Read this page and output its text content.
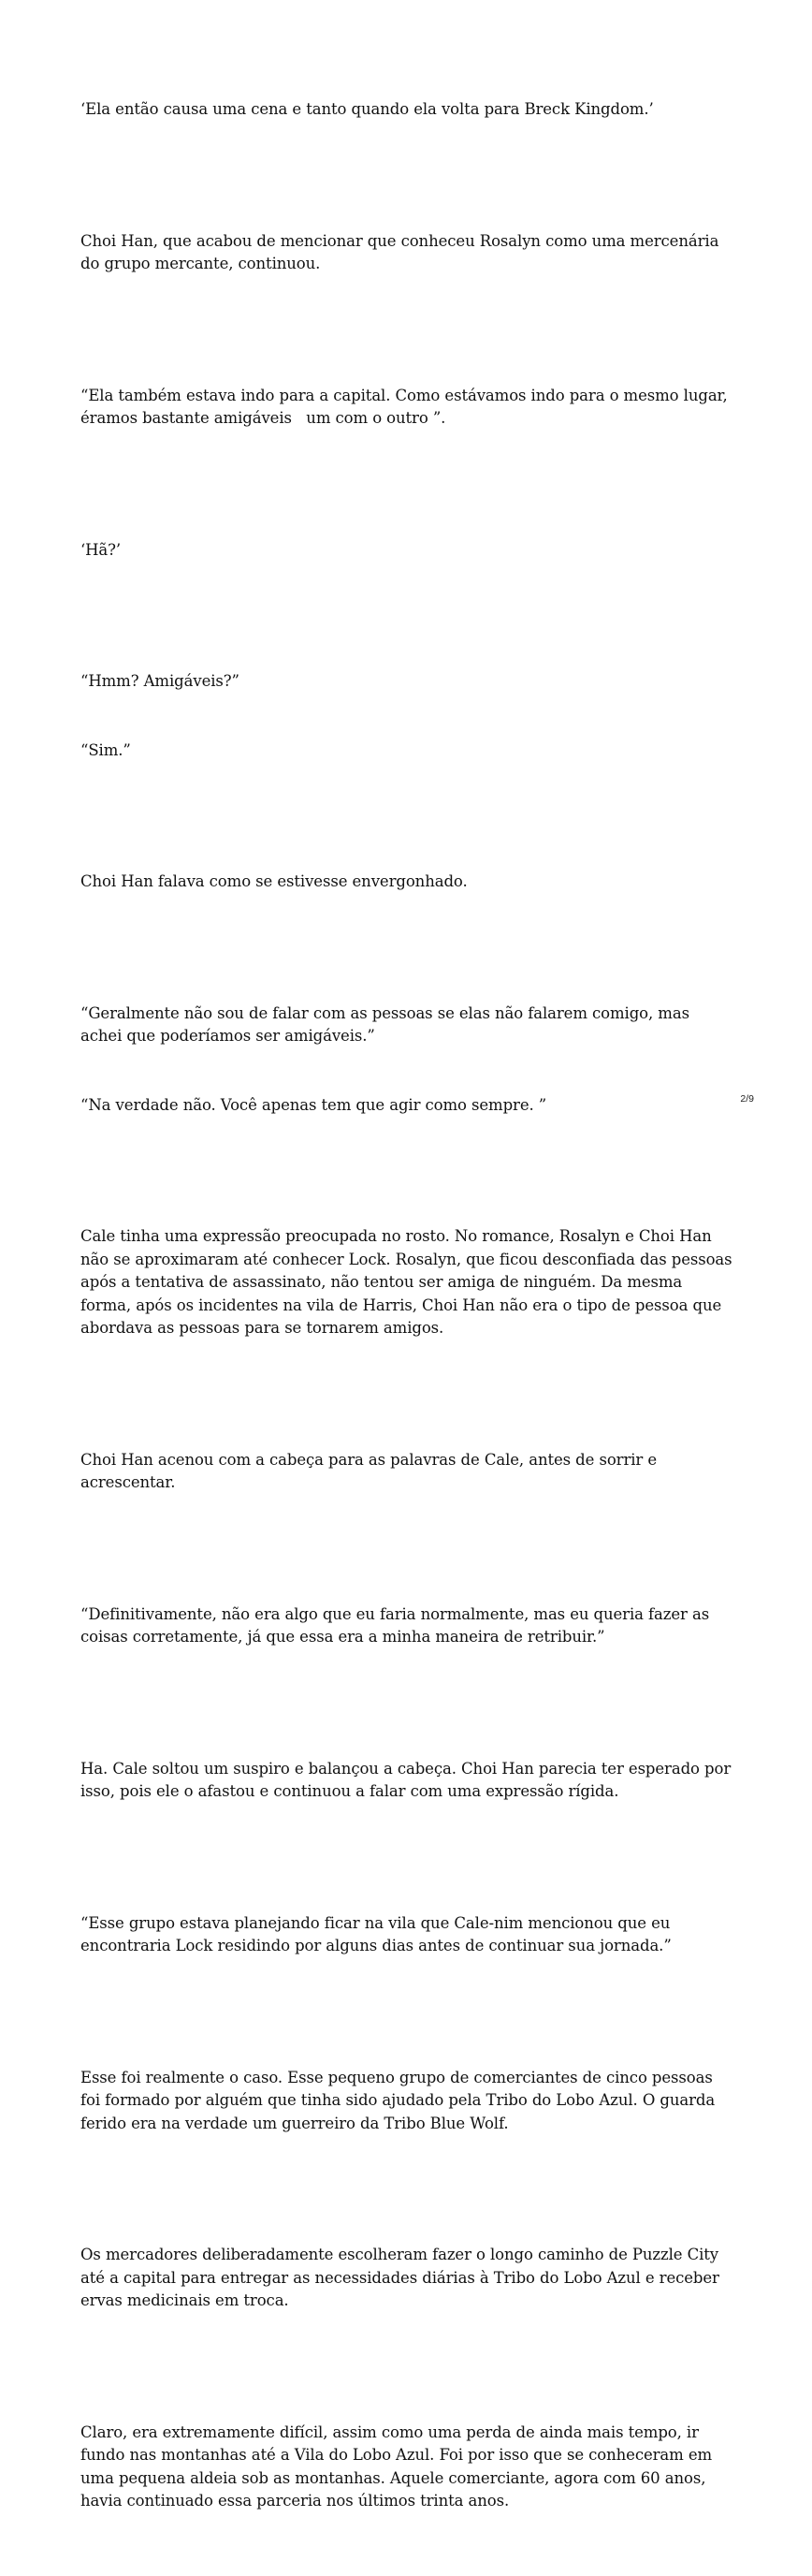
‘Ela então causa uma cena e tanto quando ela volta para Breck Kingdom.’

Choi Han, que acabou de mencionar que conheceu Rosalyn como uma mercenária do grupo mercante, continuou.

“Ela também estava indo para a capital. Como estávamos indo para o mesmo lugar, éramos bastante amigáveis   um com o outro ”.

‘Hã?’

“Hmm? Amigáveis?”

“Sim.”

Choi Han falava como se estivesse envergonhado.

“Geralmente não sou de falar com as pessoas se elas não falarem comigo, mas achei que poderíamos ser amigáveis.”

“Na verdade não. Você apenas tem que agir como sempre. ”

Cale tinha uma expressão preocupada no rosto. No romance, Rosalyn e Choi Han não se aproximaram até conhecer Lock. Rosalyn, que ficou desconfiada das pessoas após a tentativa de assassinato, não tentou ser amiga de ninguém. Da mesma forma, após os incidentes na vila de Harris, Choi Han não era o tipo de pessoa que abordava as pessoas para se tornarem amigos.

Choi Han acenou com a cabeça para as palavras de Cale, antes de sorrir e acrescentar.

“Definitivamente, não era algo que eu faria normalmente, mas eu queria fazer as coisas corretamente, já que essa era a minha maneira de retribuir.”

Ha. Cale soltou um suspiro e balançou a cabeça. Choi Han parecia ter esperado por isso, pois ele o afastou e continuou a falar com uma expressão rígida.

“Esse grupo estava planejando ficar na vila que Cale-nim mencionou que eu encontraria Lock residindo por alguns dias antes de continuar sua jornada.”

Esse foi realmente o caso. Esse pequeno grupo de comerciantes de cinco pessoas foi formado por alguém que tinha sido ajudado pela Tribo do Lobo Azul. O guarda ferido era na verdade um guerreiro da Tribo Blue Wolf.

Os mercadores deliberadamente escolheram fazer o longo caminho de Puzzle City até a capital para entregar as necessidades diárias à Tribo do Lobo Azul e receber ervas medicinais em troca.

Claro, era extremamente difícil, assim como uma perda de ainda mais tempo, ir fundo nas montanhas até a Vila do Lobo Azul. Foi por isso que se conheceram em uma pequena aldeia sob as montanhas. Aquele comerciante, agora com 60 anos, havia continuado essa parceria nos últimos trinta anos.

2/9
